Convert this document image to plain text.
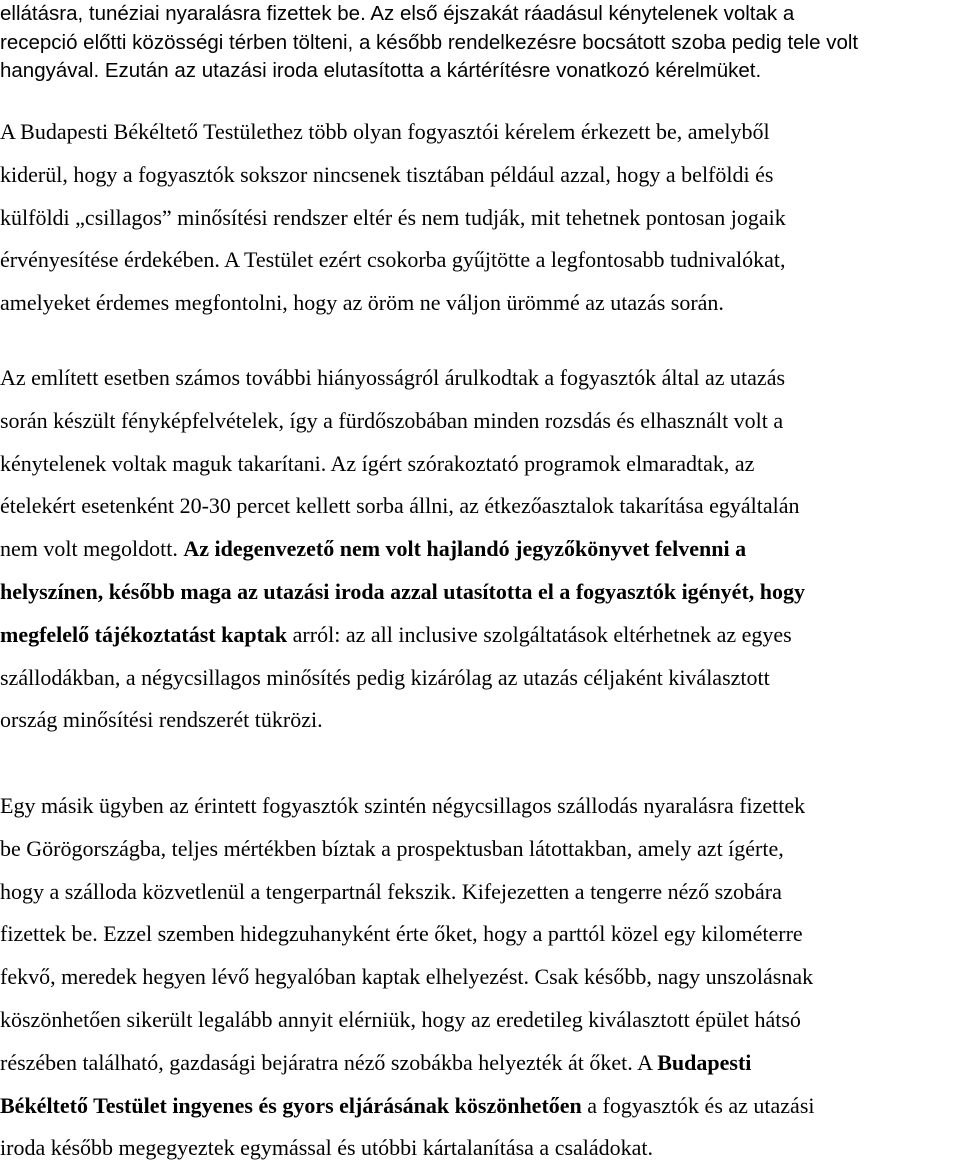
ellátásra, tunéziai nyaralásra fizettek be. Az első éjszakát ráadásul kénytelenek voltak a
recepció előtti közösségi térben tölteni, a később rendelkezésre bocsátott szoba pedig tele volt
hangyával. Ezután az utazási iroda elutasította a kártérítésre vonatkozó kérelmüket.
A Budapesti Békéltető Testülethez több olyan fogyasztói kérelem érkezett be, amelyből
kiderül, hogy a fogyasztók sokszor nincsenek tisztában például azzal, hogy a belföldi és
külföldi „csillagos” minősítési rendszer eltér és nem tudják, mit tehetnek pontosan jogaik
érvényesítése érdekében. A Testület ezért csokorba gyűjtötte a legfontosabb tudnivalókat,
amelyeket érdemes megfontolni, hogy az öröm ne váljon ürömmé az utazás során.
Az említett esetben számos további hiányosságról árulkodtak a fogyasztók által az utazás
során készült fényképfelvételek, így a fürdőszobában minden rozsdás és elhasznált volt a
kénytelenek voltak maguk takarítani. Az ígért szórakoztató programok elmaradtak, az
ételekért esetenként 20-30 percet kellett sorba állni, az étkezőasztalok takarítása egyáltalán
nem volt megoldott. Az idegenvezető nem volt hajlandó jegyzőkönyvet felvenni a
helyszínen, később maga az utazási iroda azzal utasította el a fogyasztók igényét, hogy
megfelelő tájékoztatást kaptak arról: az all inclusive szolgáltatások eltérhetnek az egyes
szállodákban, a négycsillagos minősítés pedig kizárólag az utazás céljaként kiválasztott
ország minősítési rendszerét tükrözi.
Egy másik ügyben az érintett fogyasztók szintén négycsillagos szállodás nyaralásra fizettek
be Görögországba, teljes mértékben bíztak a prospektusban látottakban, amely azt ígérte,
hogy a szálloda közvetlenül a tengerpartnál fekszik. Kifejezetten a tengerre néző szobára
fizettek be. Ezzel szemben hidegzuhanyként érte őket, hogy a parttól közel egy kilométerre
fekvő, meredek hegyen lévő hegyalóban kaptak elhelyezést. Csak később, nagy unszolásnak
köszönhetően sikerült legalább annyit elérniük, hogy az eredetileg kiválasztott épület hátsó
részében található, gazdasági bejáratra néző szobákba helyezték át őket. A Budapesti
Békéltető Testület ingyenes és gyors eljárásának köszönhetően a fogyasztók és az utazási
iroda később megegyeztek egymással és utóbbi kártalanítása a családokat.
